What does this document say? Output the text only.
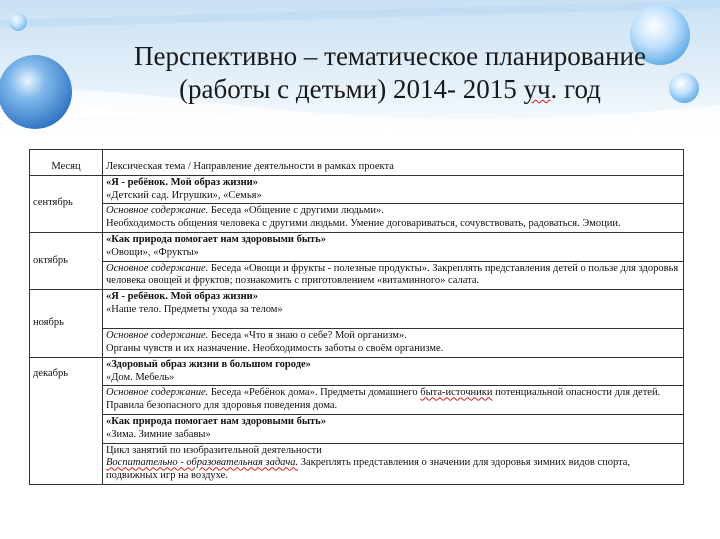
Перспективно – тематическое планирование
(работы с детьми) 2014- 2015 уч. год
Месяц	Лексическая тема / Направление деятельности в рамках проекта
сентябрь	«Я - ребёнок. Мой образ жизни»
«Детский сад. Игрушки», «Семья»

	Основное содержание. Беседа «Общение с другими людьми».
Необходимость общения человека с другими людьми. Умение договариваться, сочувствовать, радоваться. Эмоции.

октябрь	«Как природа помогает нам здоровыми быть»
«Овощи», «Фрукты»

	Основное содержание. Беседа «Овощи и фрукты - полезные продукты». Закреплять представления детей о пользе для здоровья человека овощей и фруктов; познакомить с приготовлением «витаминного» салата.

ноябрь	«Я - ребёнок. Мой образ жизни»
«Наше тело. Предметы ухода за телом»

	Основное содержание. Беседа «Что я знаю о себе? Мой организм».
Органы чувств и их назначение. Необходимость заботы о своём организме.

декабрь	«Здоровый образ жизни в большом городе»
«Дом. Мебель»

	Основное содержание. Беседа «Ребёнок дома». Предметы домашнего быта-источники потенциальной опасности для детей. Правила безопасного для здоровья поведения дома.

	«Как природа помогает нам здоровыми быть»
«Зима. Зимние забавы»

	Цикл занятий по изобразительной деятельности
Воспитательно - образовательная задача. Закреплять представления о значении для здоровья зимних видов спорта, подвижных игр на воздухе.
